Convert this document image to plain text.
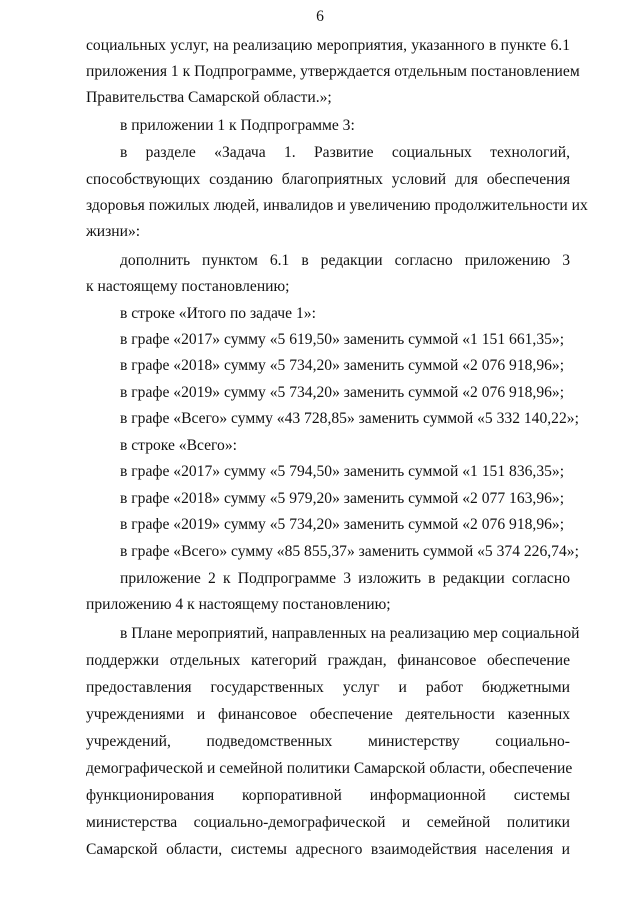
6
социальных услуг, на реализацию мероприятия, указанного в пункте 6.1
приложения 1 к Подпрограмме, утверждается отдельным постановлением
Правительства Самарской области.»;
в приложении 1 к Подпрограмме 3:
в разделе «Задача 1. Развитие социальных технологий,
способствующих созданию благоприятных условий для обеспечения
здоровья пожилых людей, инвалидов и увеличению продолжительности их
жизни»:
дополнить пунктом 6.1 в редакции согласно приложению 3
к настоящему постановлению;
в строке «Итого по задаче 1»:
в графе «2017» сумму «5 619,50» заменить суммой «1 151 661,35»;
в графе «2018» сумму «5 734,20» заменить суммой «2 076 918,96»;
в графе «2019» сумму «5 734,20» заменить суммой «2 076 918,96»;
в графе «Всего» сумму «43 728,85» заменить суммой «5 332 140,22»;
в строке «Всего»:
в графе «2017» сумму «5 794,50» заменить суммой «1 151 836,35»;
в графе «2018» сумму «5 979,20» заменить суммой «2 077 163,96»;
в графе «2019» сумму «5 734,20» заменить суммой «2 076 918,96»;
в графе «Всего» сумму «85 855,37» заменить суммой «5 374 226,74»;
приложение 2 к Подпрограмме 3 изложить в редакции согласно
приложению 4 к настоящему постановлению;
в Плане мероприятий, направленных на реализацию мер социальной
поддержки отдельных категорий граждан, финансовое обеспечение
предоставления государственных услуг и работ бюджетными
учреждениями и финансовое обеспечение деятельности казенных
учреждений, подведомственных министерству социально-
демографической и семейной политики Самарской области, обеспечение
функционирования корпоративной информационной системы
министерства социально-демографической и семейной политики
Самарской области, системы адресного взаимодействия населения и
